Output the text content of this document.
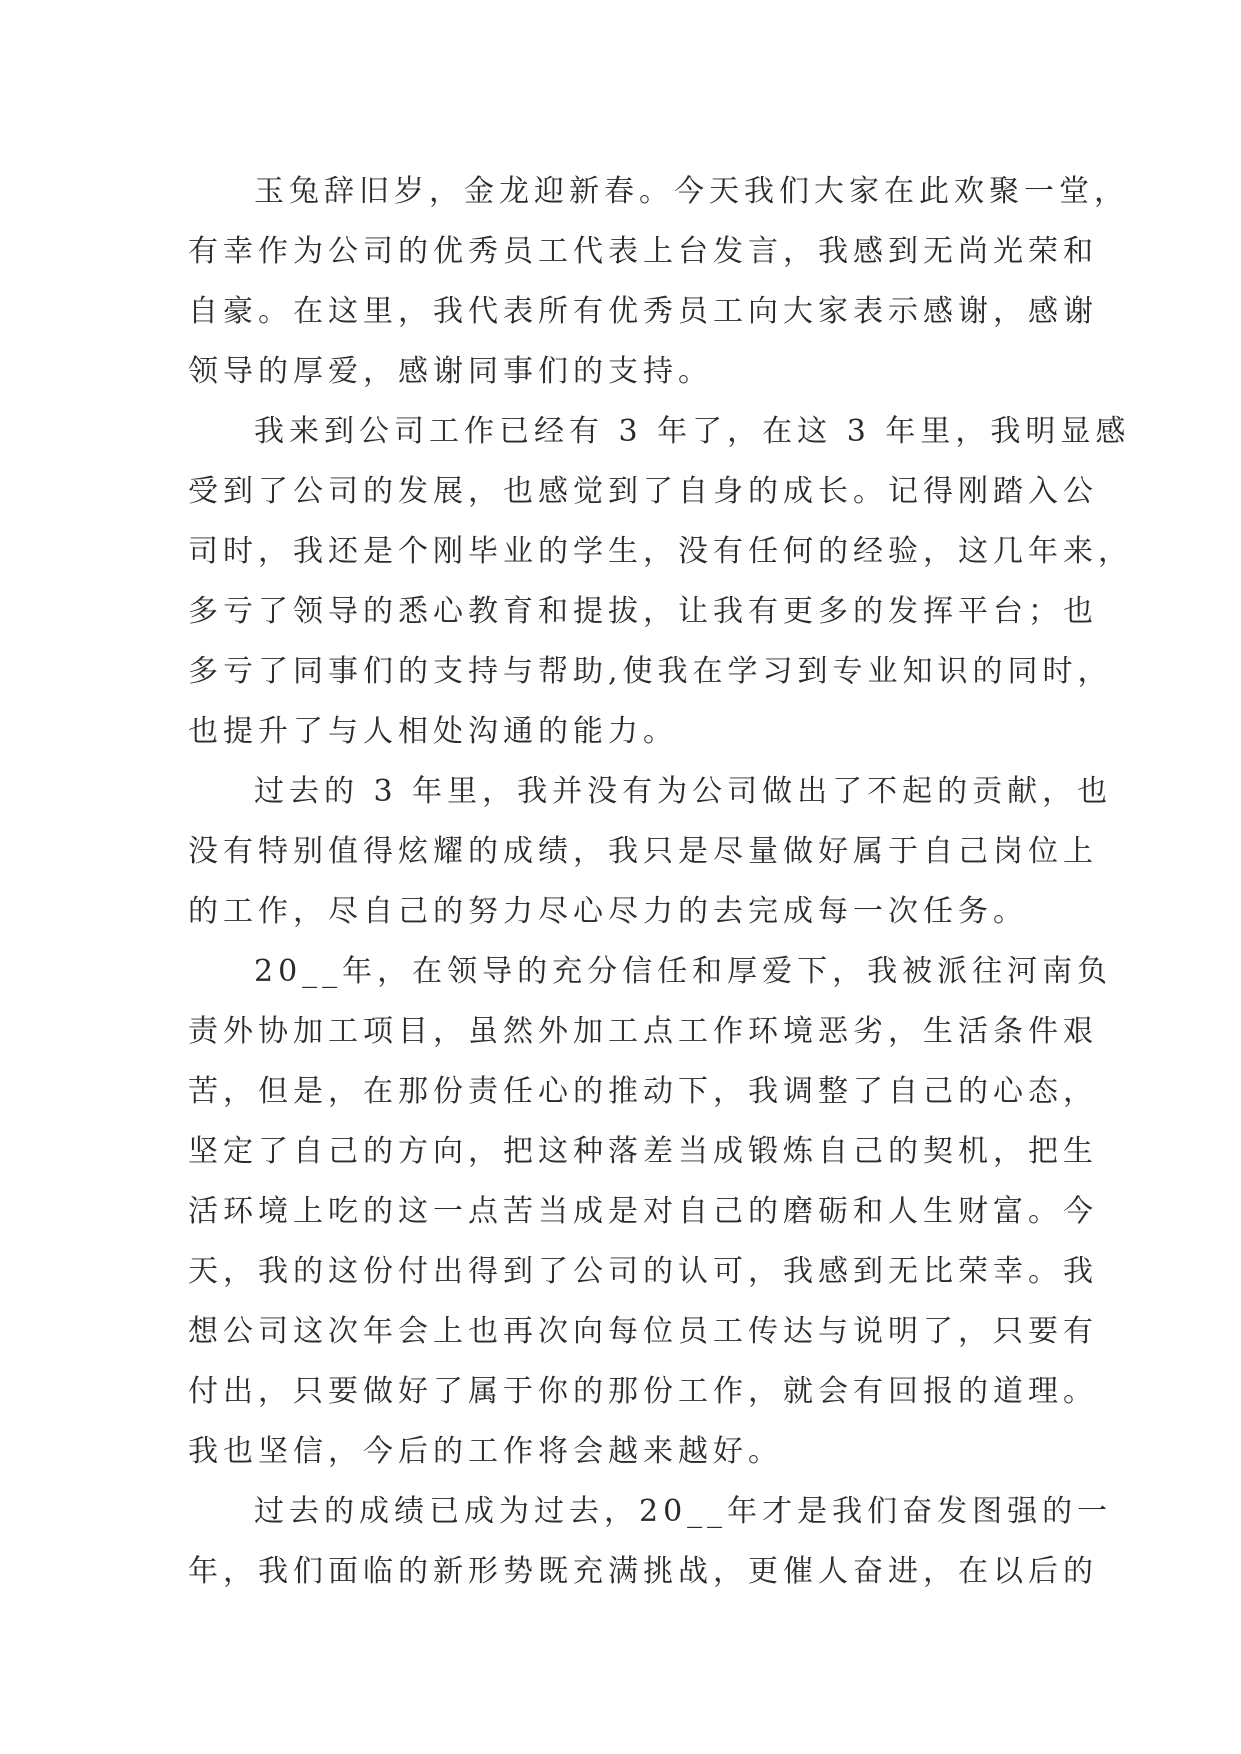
玉兔辞旧岁，金龙迎新春。今天我们大家在此欢聚一堂，
有幸作为公司的优秀员工代表上台发言，我感到无尚光荣和
自豪。在这里，我代表所有优秀员工向大家表示感谢，感谢
领导的厚爱，感谢同事们的支持。
我来到公司工作已经有 3 年了，在这 3 年里，我明显感
受到了公司的发展，也感觉到了自身的成长。记得刚踏入公
司时，我还是个刚毕业的学生，没有任何的经验，这几年来，
多亏了领导的悉心教育和提拔，让我有更多的发挥平台；也
多亏了同事们的支持与帮助,使我在学习到专业知识的同时，
也提升了与人相处沟通的能力。
过去的 3 年里，我并没有为公司做出了不起的贡献，也
没有特别值得炫耀的成绩，我只是尽量做好属于自己岗位上
的工作，尽自己的努力尽心尽力的去完成每一次任务。
20__年，在领导的充分信任和厚爱下，我被派往河南负
责外协加工项目，虽然外加工点工作环境恶劣，生活条件艰
苦，但是，在那份责任心的推动下，我调整了自己的心态，
坚定了自己的方向，把这种落差当成锻炼自己的契机，把生
活环境上吃的这一点苦当成是对自己的磨砺和人生财富。今
天，我的这份付出得到了公司的认可，我感到无比荣幸。我
想公司这次年会上也再次向每位员工传达与说明了，只要有
付出，只要做好了属于你的那份工作，就会有回报的道理。
我也坚信，今后的工作将会越来越好。
过去的成绩已成为过去，20__年才是我们奋发图强的一
年，我们面临的新形势既充满挑战，更催人奋进，在以后的
